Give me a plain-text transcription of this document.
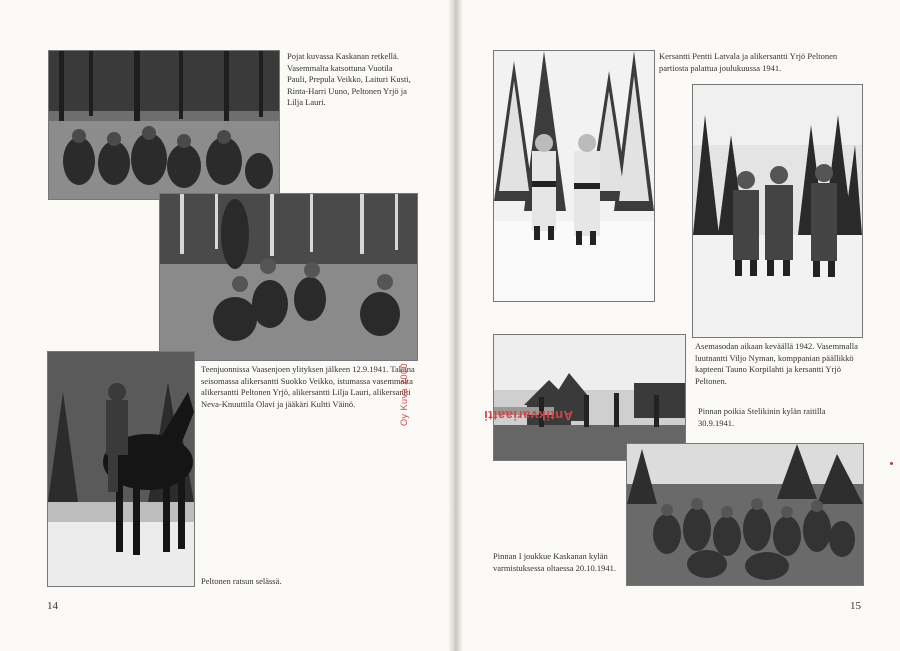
Pojat kuvassa Kaskanan retkellä. Vasemmalta katsottuna Vuotila Pauli, Prepula Veikko, Laituri Kusti, Rinta-Harri Uuno, Peltonen Yrjö ja Lilja Lauri.
Teenjuonnissa Vaasenjoen ylityksen jälkeen 12.9.1941. Takana seisomassa alikersantti Suokko Veikko, istumassa vasemmalta alikersantti Peltonen Yrjö, alikersantti Lilja Lauri, alikersantti Neva-Knuuttila Olavi ja jääkäri Kultti Väinö.
Peltonen ratsun selässä.
14
Kersantti Pentti Latvala ja alikersantti Yrjö Peltonen partiosta palattua joulukuussa 1941.
Asemasodan aikaan keväällä 1942. Vasemmalla luutnantti Viljo Nyman, komppanian päällikkö kapteeni Tauno Korpilahti ja kersantti Yrjö Peltonen.
Pinnan poikia Stelikinin kylän raitilla 30.9.1941.
Pinnan I joukkue Kaskanan kylän varmistuksessa oltaessa 20.10.1941.
15
Antikvariaatti
Oy Kuva 2000
